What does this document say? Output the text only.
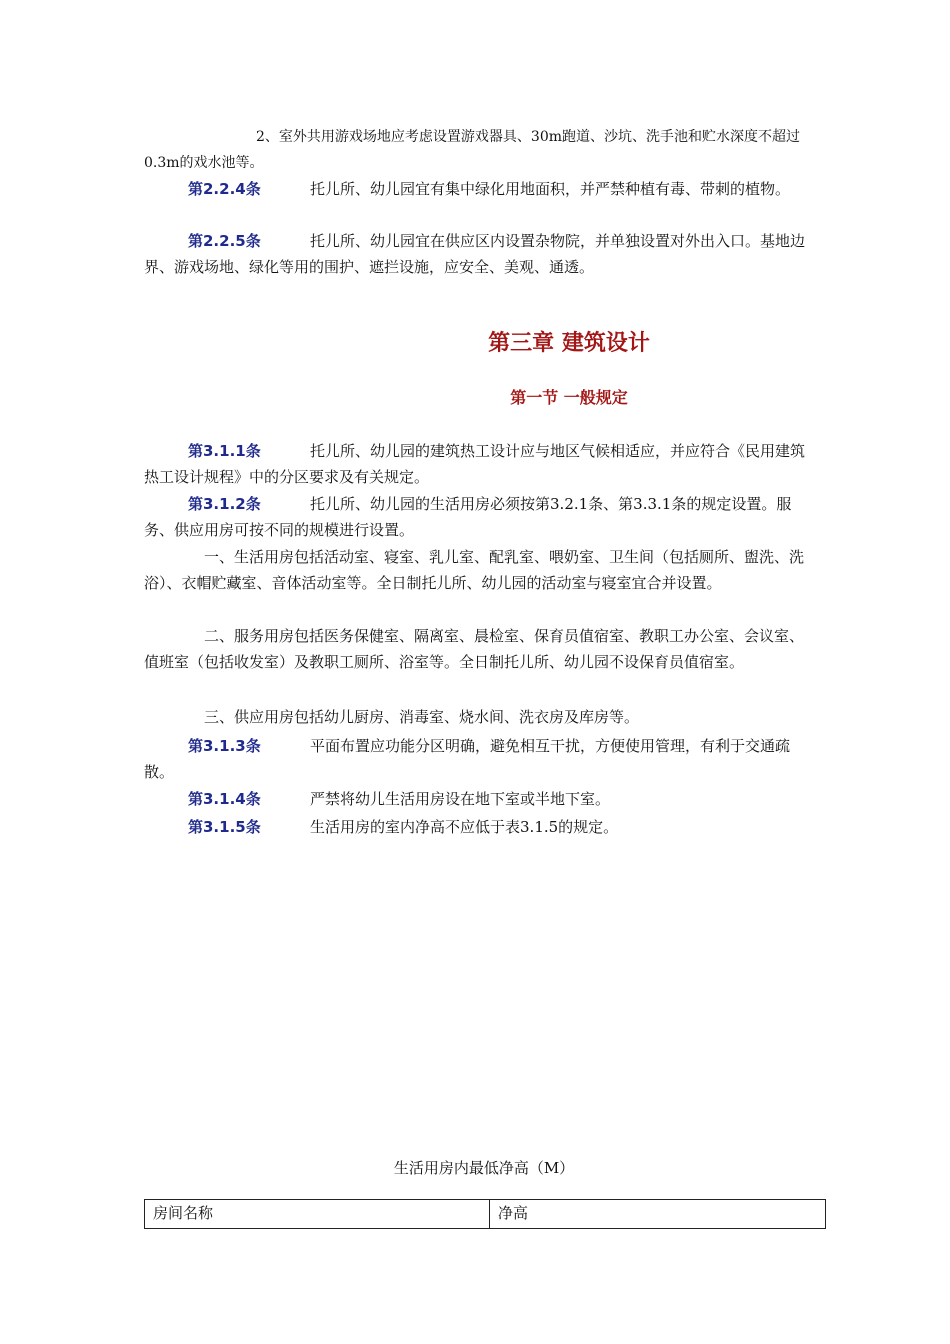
2、室外共用游戏场地应考虑设置游戏器具、30m跑道、沙坑、洗手池和贮水深度不超过0.3m的戏水池等。

第2.2.4条	托儿所、幼儿园宜有集中绿化用地面积，并严禁种植有毒、带刺的植物。

第2.2.5条	托儿所、幼儿园宜在供应区内设置杂物院，并单独设置对外出入口。基地边界、游戏场地、绿化等用的围护、遮拦设施，应安全、美观、通透。

第三章 建筑设计
第一节 一般规定

第3.1.1条	托儿所、幼儿园的建筑热工设计应与地区气候相适应，并应符合《民用建筑热工设计规程》中的分区要求及有关规定。

第3.1.2条	托儿所、幼儿园的生活用房必须按第3.2.1条、第3.3.1条的规定设置。服务、供应用房可按不同的规模进行设置。

一、生活用房包括活动室、寝室、乳儿室、配乳室、喂奶室、卫生间（包括厕所、盥洗、洗浴）、衣帽贮藏室、音体活动室等。全日制托儿所、幼儿园的活动室与寝室宜合并设置。

二、服务用房包括医务保健室、隔离室、晨检室、保育员值宿室、教职工办公室、会议室、值班室（包括收发室）及教职工厕所、浴室等。全日制托儿所、幼儿园不设保育员值宿室。

三、供应用房包括幼儿厨房、消毒室、烧水间、洗衣房及库房等。

第3.1.3条	平面布置应功能分区明确，避免相互干扰，方便使用管理，有利于交通疏散。

第3.1.4条	严禁将幼儿生活用房设在地下室或半地下室。

第3.1.5条	生活用房的室内净高不应低于表3.1.5的规定。

生活用房内最低净高（M）
房间名称	净高
